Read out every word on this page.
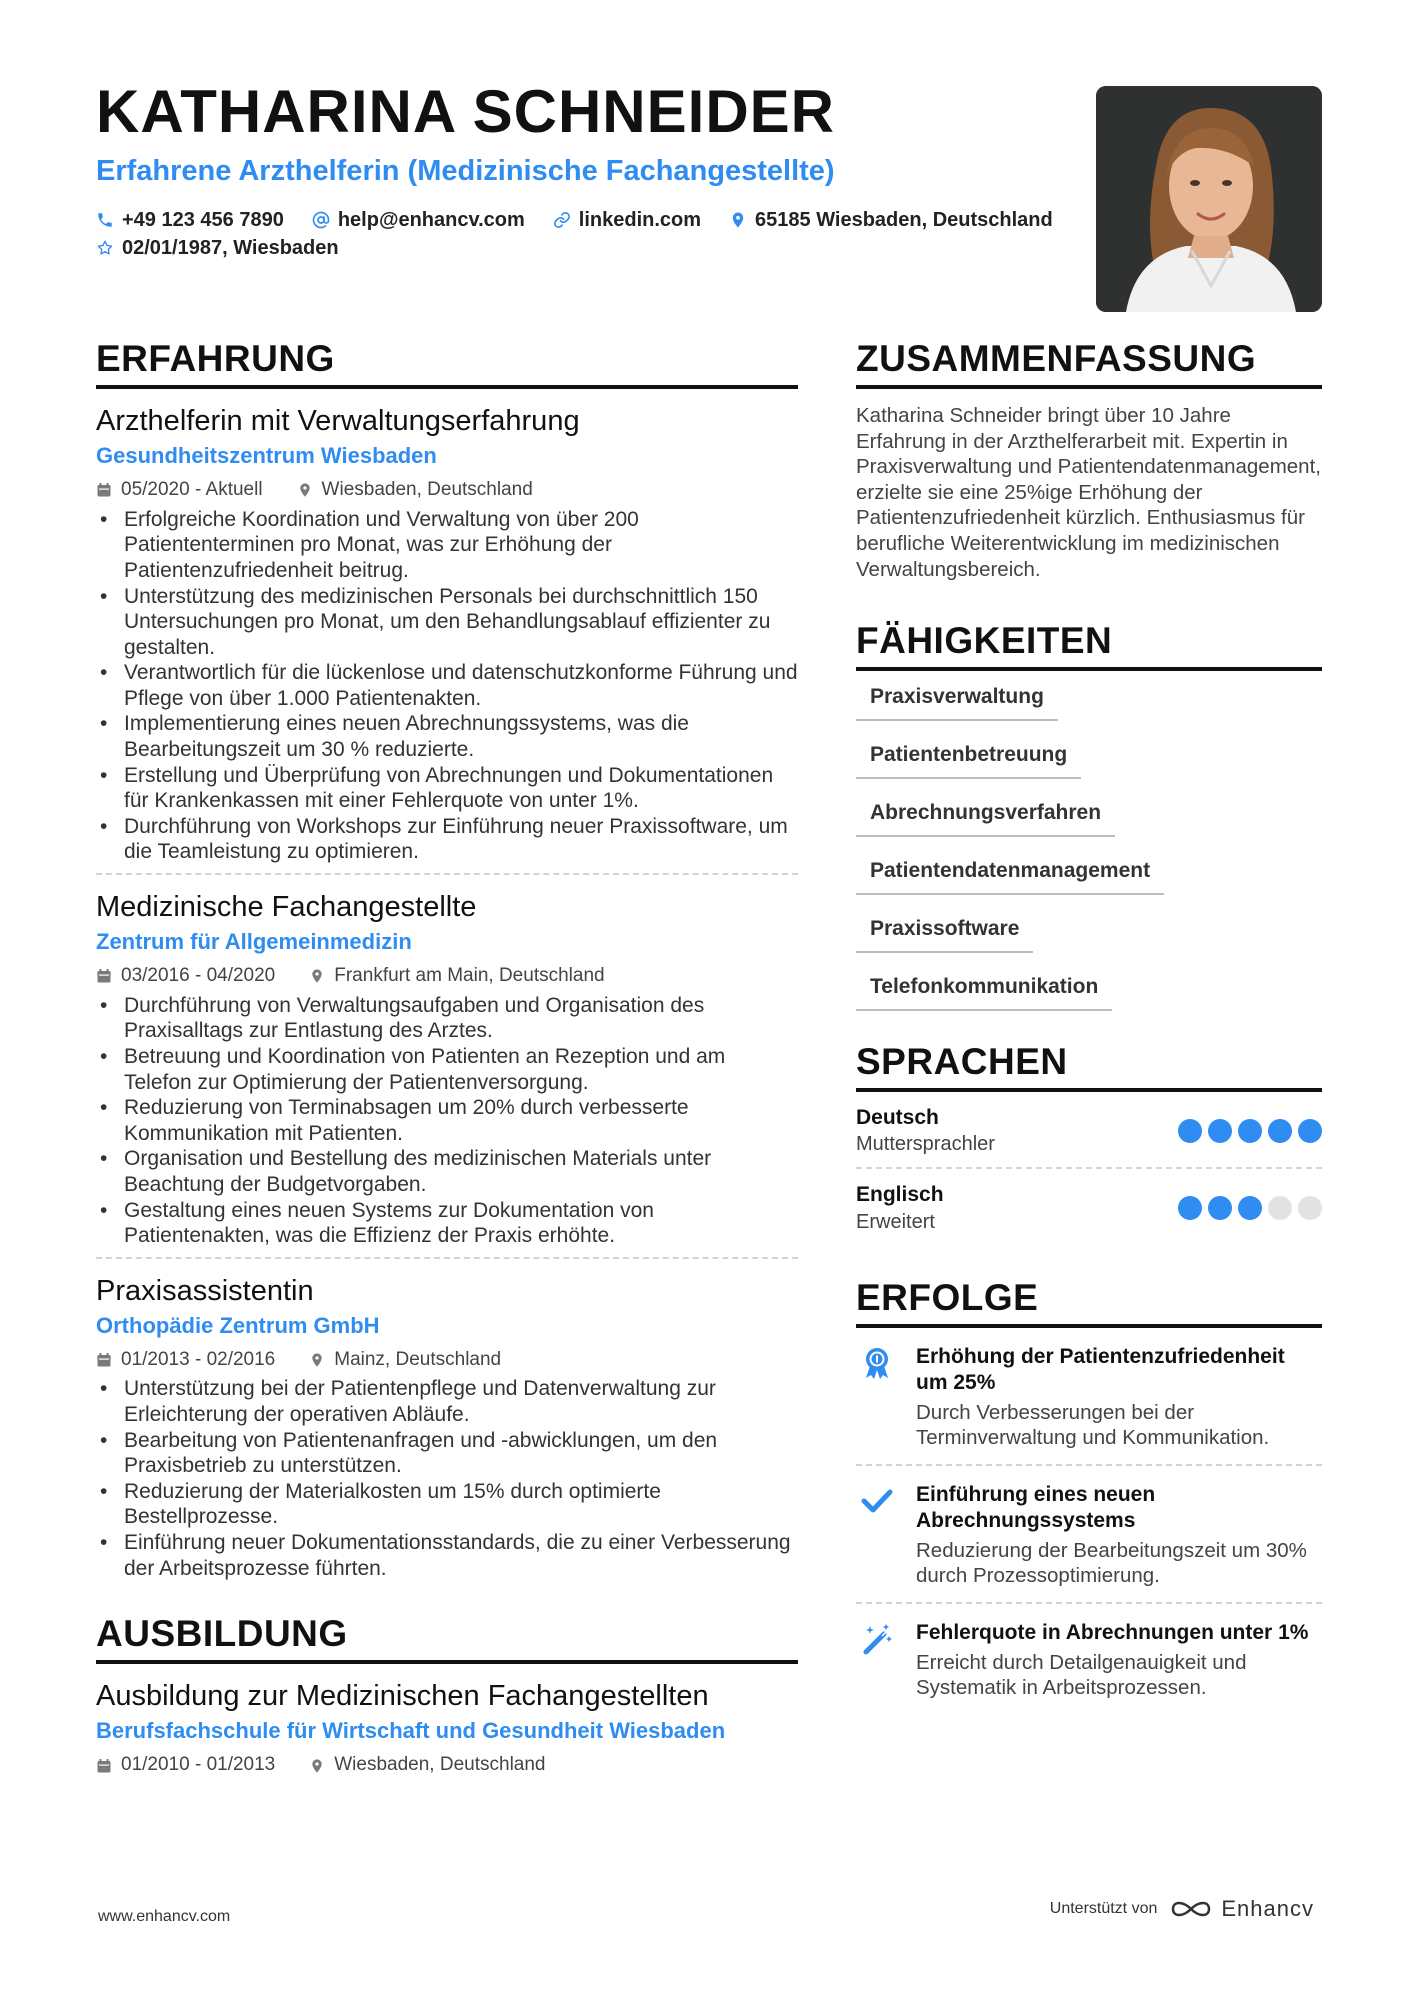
KATHARINA SCHNEIDER
Erfahrene Arzthelferin (Medizinische Fachangestellte)
+49 123 456 7890	help@enhancv.com	linkedin.com	65185 Wiesbaden, Deutschland
02/01/1987, Wiesbaden
ERFAHRUNG
Arzthelferin mit Verwaltungserfahrung
Gesundheitszentrum Wiesbaden
05/2020 - Aktuell	Wiesbaden, Deutschland
• Erfolgreiche Koordination und Verwaltung von über 200 Patiententerminen pro Monat, was zur Erhöhung der Patientenzufriedenheit beitrug.
• Unterstützung des medizinischen Personals bei durchschnittlich 150 Untersuchungen pro Monat, um den Behandlungsablauf effizienter zu gestalten.
• Verantwortlich für die lückenlose und datenschutzkonforme Führung und Pflege von über 1.000 Patientenakten.
• Implementierung eines neuen Abrechnungssystems, was die Bearbeitungszeit um 30 % reduzierte.
• Erstellung und Überprüfung von Abrechnungen und Dokumentationen für Krankenkassen mit einer Fehlerquote von unter 1%.
• Durchführung von Workshops zur Einführung neuer Praxissoftware, um die Teamleistung zu optimieren.
Medizinische Fachangestellte
Zentrum für Allgemeinmedizin
03/2016 - 04/2020	Frankfurt am Main, Deutschland
• Durchführung von Verwaltungsaufgaben und Organisation des Praxisalltags zur Entlastung des Arztes.
• Betreuung und Koordination von Patienten an Rezeption und am Telefon zur Optimierung der Patientenversorgung.
• Reduzierung von Terminabsagen um 20% durch verbesserte Kommunikation mit Patienten.
• Organisation und Bestellung des medizinischen Materials unter Beachtung der Budgetvorgaben.
• Gestaltung eines neuen Systems zur Dokumentation von Patientenakten, was die Effizienz der Praxis erhöhte.
Praxisassistentin
Orthopädie Zentrum GmbH
01/2013 - 02/2016	Mainz, Deutschland
• Unterstützung bei der Patientenpflege und Datenverwaltung zur Erleichterung der operativen Abläufe.
• Bearbeitung von Patientenanfragen und -abwicklungen, um den Praxisbetrieb zu unterstützen.
• Reduzierung der Materialkosten um 15% durch optimierte Bestellprozesse.
• Einführung neuer Dokumentationsstandards, die zu einer Verbesserung der Arbeitsprozesse führten.
AUSBILDUNG
Ausbildung zur Medizinischen Fachangestellten
Berufsfachschule für Wirtschaft und Gesundheit Wiesbaden
01/2010 - 01/2013	Wiesbaden, Deutschland
ZUSAMMENFASSUNG

Katharina Schneider bringt über 10 Jahre Erfahrung in der Arzthelferarbeit mit. Expertin in Praxisverwaltung und Patientendatenmanagement, erzielte sie eine 25%ige Erhöhung der Patientenzufriedenheit kürzlich. Enthusiasmus für berufliche Weiterentwicklung im medizinischen Verwaltungsbereich.

FÄHIGKEITEN
Praxisverwaltung
Patientenbetreuung
Abrechnungsverfahren
Patientendatenmanagement
Praxissoftware
Telefonkommunikation
SPRACHEN
Deutsch
Muttersprachler
Englisch
Erweitert
ERFOLGE
Erhöhung der Patientenzufriedenheit um 25%
Durch Verbesserungen bei der Terminverwaltung und Kommunikation.
Einführung eines neuen Abrechnungssystems
Reduzierung der Bearbeitungszeit um 30% durch Prozessoptimierung.
Fehlerquote in Abrechnungen unter 1%
Erreicht durch Detailgenauigkeit und Systematik in Arbeitsprozessen.
www.enhancv.com	Unterstützt von	Enhancv
